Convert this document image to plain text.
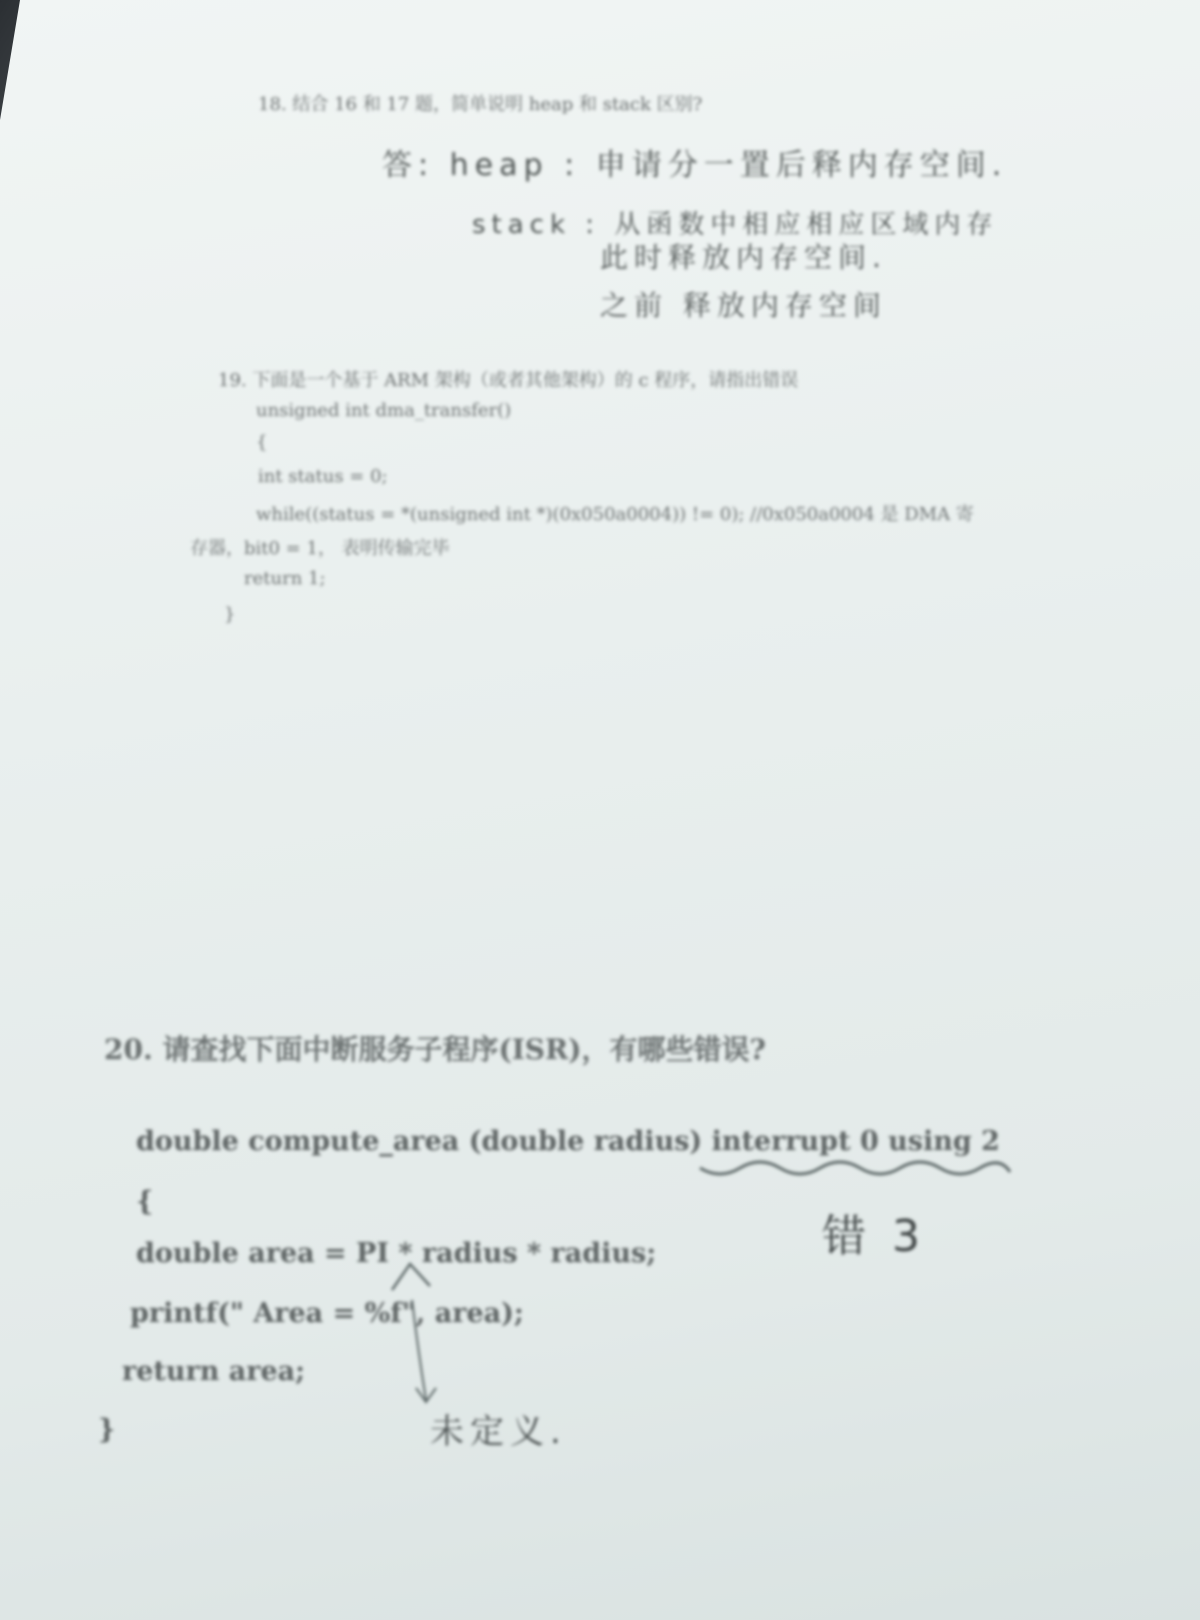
18. 结合 16 和 17 题，简单说明 heap 和 stack 区别?
答: heap : 申请分一置后释内存空间.
stack : 从函数中相应相应区域内存
此时释放内存空间.
之前 释放内存空间
19. 下面是一个基于 ARM 架构（或者其他架构）的 c 程序，请指出错误
unsigned int dma_transfer()
{
int status = 0;
while((status = *(unsigned int *)(0x050a0004)) != 0); //0x050a0004 是 DMA 寄
存器，bit0 = 1， 表明传输完毕
return 1;
}
20. 请查找下面中断服务子程序(ISR)，有哪些错误?
double compute_area (double radius) interrupt 0 using 2
{
double area = PI * radius * radius;
printf(" Area = %f", area);
return area;
}
错 3
未定义.
